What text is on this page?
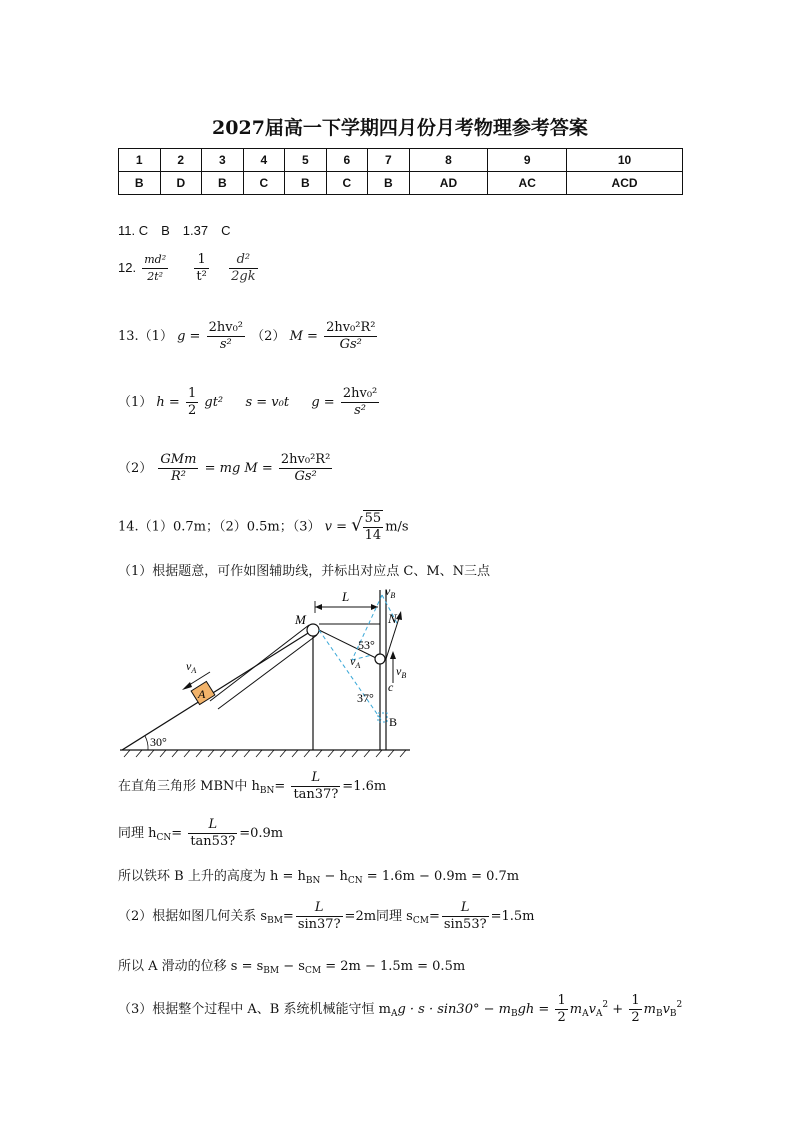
2027届高一下学期四月份月考物理参考答案
1	2	3	4	5	6	7	8	9	10
B	D	B	C	B	C	B	AD	AC	ACD
11. C　B　1.37　C
12. $\frac{\text{md²}}{\text{2t²}}$
$\frac{1}{\text{t²}}$
$\frac{\text{d²}}{2gk}$
13.（1） $g = \frac{\text{2hv₀²}}{\text{s²}} (2) M = \frac{\text{2hv₀²R²}}{\text{Gs²}}$
（1） $h = \frac{1}{2} gt^2$ s = v₀t $g = \frac{\text{2hv₀²}}{\text{s²}}$
$(2) \frac{\text{GMm}}{\text{R²}}$ = mg $M = \frac{\text{2hv₀²R²}}{\text{Gs²}}$
14.（1）0.7m；（2）0.5m；（3） v = √ $\frac{55}{14} m/s$
（1）根据题意，可作如图辅助线，并标出对应点 C、M、N三点
A
$v_A$
30°
L
M
$v_B$
$v_B$
N
53°
$v_A$
c
37°
B
在直角三角形 MBN中 $h_{BN}= \frac{L}{\tan 37?} =1.6m$
同理 $h_{CN}= \frac{L}{\tan 53?} =0.9m$
所以铁环 B 上升的高度为 $h = h_{BN} - h_{CN} = 1.6m - 0.9m = 0.7m$
（2）根据如图几何关系 $s_{BM}= \frac{L}{\sin 37?} =2m$同理 $s_{CM}= \frac{L}{\sin 53?} =1.5m$
所以 A 滑动的位移 $s = s_{BM} - s_{CM} = 2m - 1.5m = 0.5m$
（3）根据整个过程中 A、B 系统机械能守恒 $m_Ag \cdot s \cdot \sin 30^\circ - m_Bgh = \frac{1}{2} m_Av_A^2 + \frac{1}{2} m_Bv_B^2$
